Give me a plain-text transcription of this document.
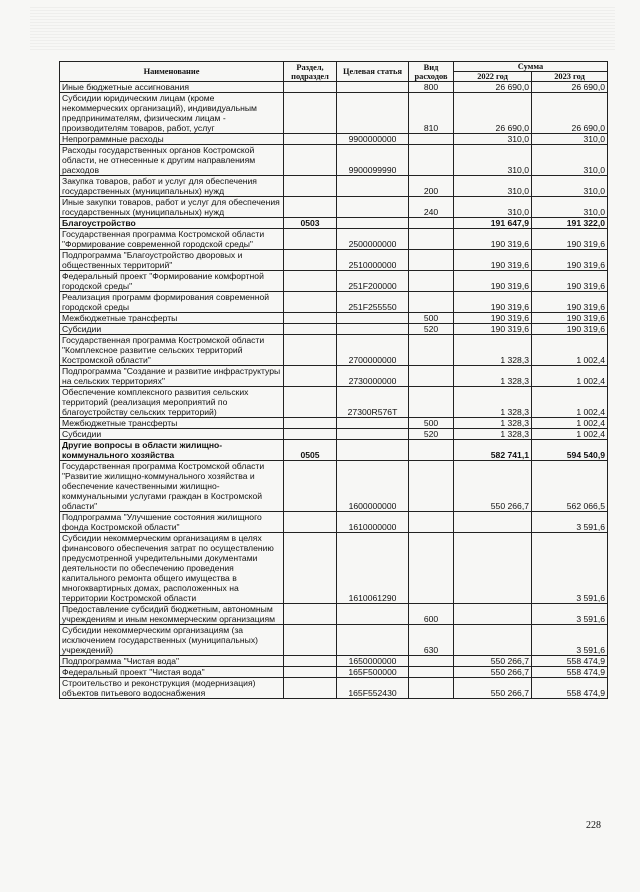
Наименование	Раздел, подраздел	Целевая статья	Вид расходов	Сумма	
				2022 год	2023 год
Иные бюджетные ассигнования			800	26 690,0	26 690,0
Субсидии юридическим лицам (кроме некоммерческих организаций), индивидуальным предпринимателям, физическим лицам - производителям товаров, работ, услуг			810	26 690,0	26 690,0
Непрограммные расходы		9900000000		310,0	310,0
Расходы государственных органов Костромской области, не отнесенные к другим направлениям расходов		9900099990		310,0	310,0
Закупка товаров, работ и услуг для обеспечения государственных (муниципальных) нужд			200	310,0	310,0
Иные закупки товаров, работ и услуг для обеспечения государственных (муниципальных) нужд			240	310,0	310,0
Благоустройство	0503			191 647,9	191 322,0
Государственная программа Костромской области "Формирование современной городской среды"		2500000000		190 319,6	190 319,6
Подпрограмма "Благоустройство дворовых и общественных территорий"		2510000000		190 319,6	190 319,6
Федеральный проект "Формирование комфортной городской среды"		251F200000		190 319,6	190 319,6
Реализация программ формирования современной городской среды		251F255550		190 319,6	190 319,6
Межбюджетные трансферты			500	190 319,6	190 319,6
Субсидии			520	190 319,6	190 319,6
Государственная программа Костромской области "Комплексное развитие сельских территорий Костромской области"		2700000000		1 328,3	1 002,4
Подпрограмма "Создание и развитие инфраструктуры на сельских территориях"		2730000000		1 328,3	1 002,4
Обеспечение комплексного развития сельских территорий (реализация мероприятий по благоустройству сельских территорий)		27300R576T		1 328,3	1 002,4
Межбюджетные трансферты			500	1 328,3	1 002,4
Субсидии			520	1 328,3	1 002,4
Другие вопросы в области жилищно-коммунального хозяйства	0505			582 741,1	594 540,9
Государственная программа Костромской области "Развитие жилищно-коммунального хозяйства и обеспечение качественными жилищно-коммунальными услугами граждан в Костромской области"		1600000000		550 266,7	562 066,5
Подпрограмма "Улучшение состояния жилищного фонда Костромской области"		1610000000			3 591,6
Субсидии некоммерческим организациям в целях финансового обеспечения затрат по осуществлению предусмотренной учредительными документами деятельности по обеспечению проведения капитального ремонта общего имущества в многоквартирных домах, расположенных на территории Костромской области		1610061290			3 591,6
Предоставление субсидий бюджетным, автономным учреждениям и иным некоммерческим организациям			600		3 591,6
Субсидии некоммерческим организациям (за исключением государственных (муниципальных) учреждений)			630		3 591,6
Подпрограмма "Чистая вода"		1650000000		550 266,7	558 474,9
Федеральный проект "Чистая вода"		165F500000		550 266,7	558 474,9
Строительство и реконструкция (модернизация) объектов питьевого водоснабжения		165F552430		550 266,7	558 474,9
228
